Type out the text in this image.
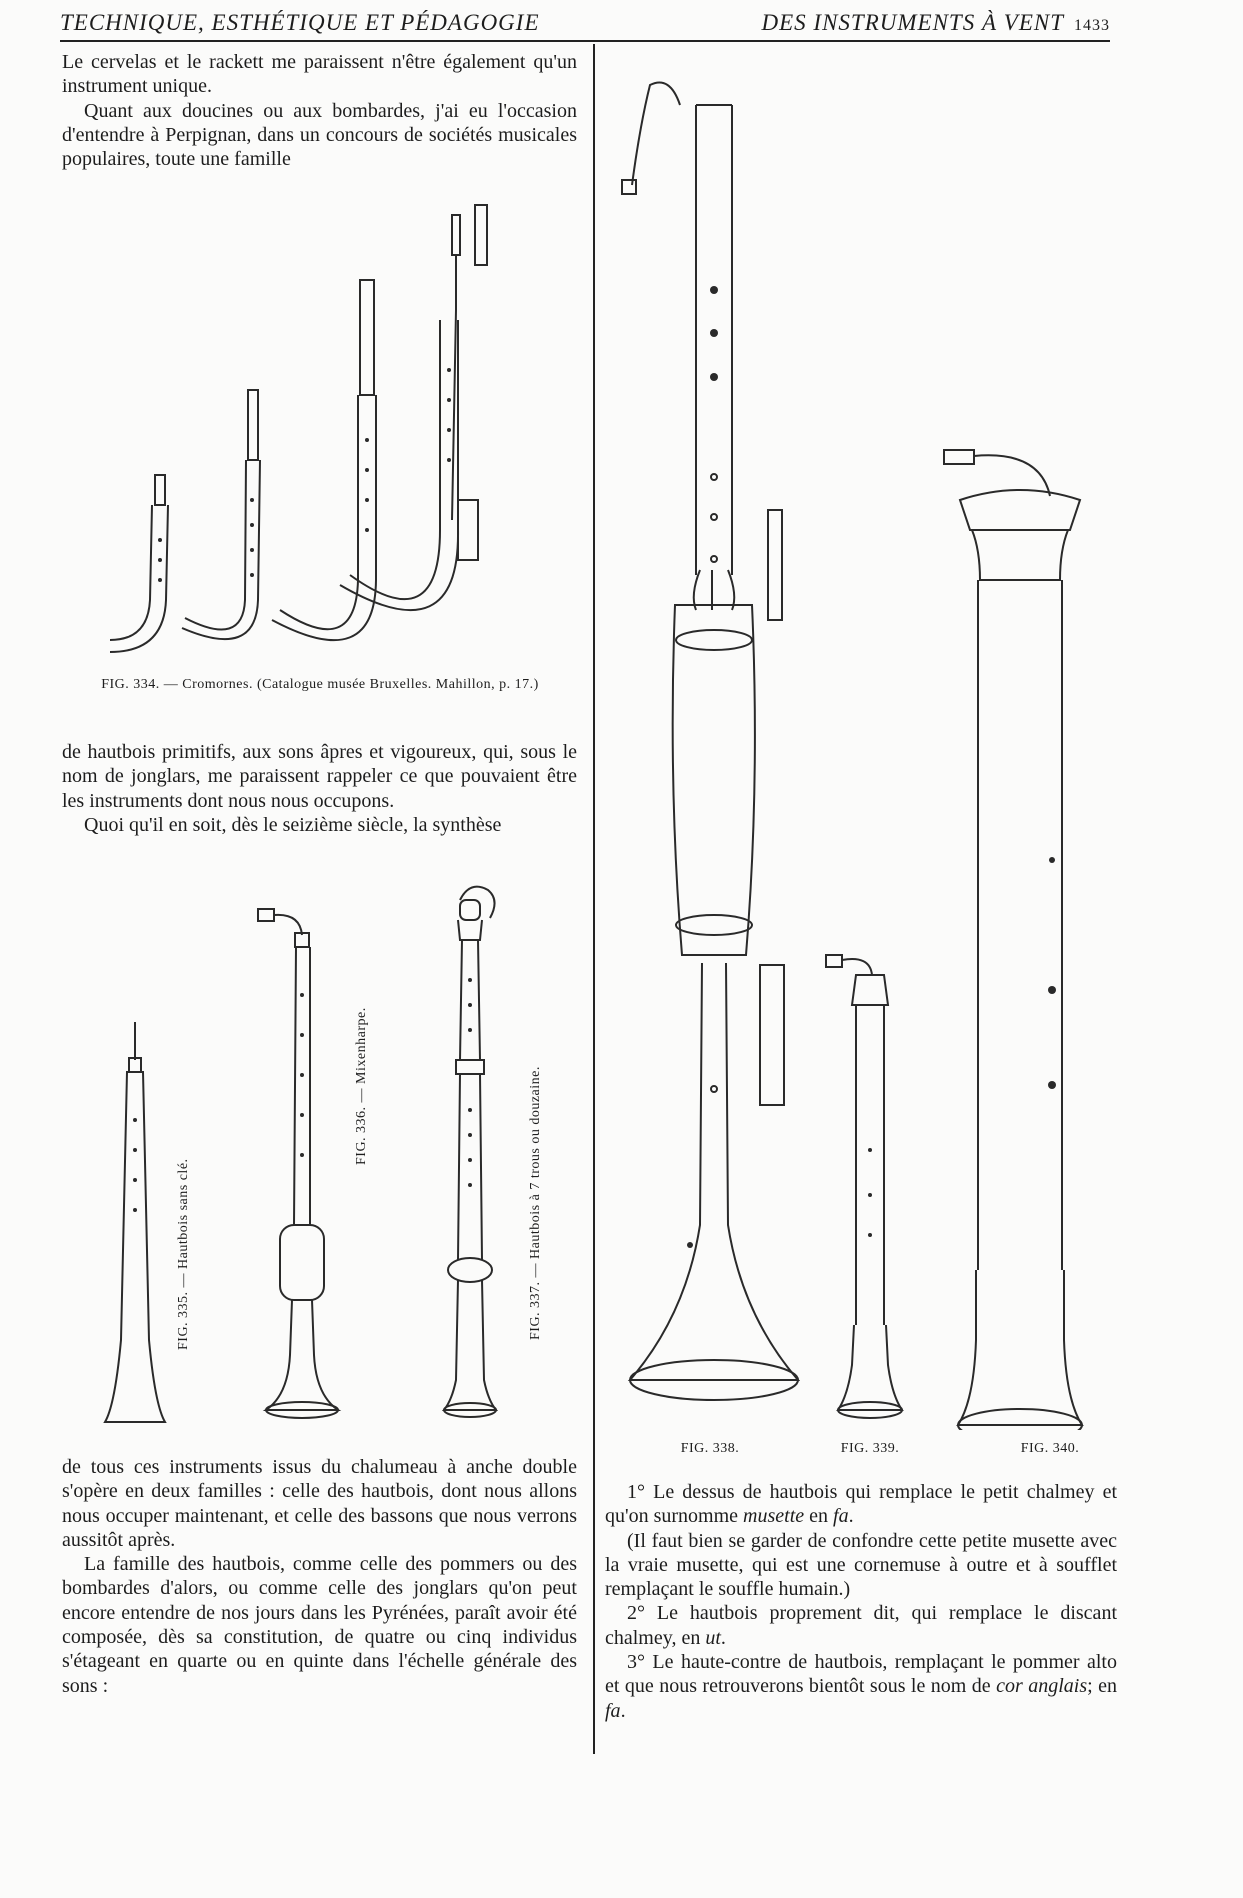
TECHNIQUE, ESTHÉTIQUE ET PÉDAGOGIE	DES INSTRUMENTS À VENT 1433

Le cervelas et le rackett me paraissent n'être également qu'un instrument unique.

Quant aux doucines ou aux bombardes, j'ai eu l'occasion d'entendre à Perpignan, dans un concours de sociétés musicales populaires, toute une famille

FIG. 334. — Cromornes. (Catalogue musée Bruxelles. Mahillon, p. 17.)

de hautbois primitifs, aux sons âpres et vigoureux, qui, sous le nom de jonglars, me paraissent rappeler ce que pouvaient être les instruments dont nous nous occupons.

Quoi qu'il en soit, dès le seizième siècle, la synthèse

FIG. 335. — Hautbois sans clé.
FIG. 336. — Mixenharpe.	FIG. 337. — Hautbois à 7 trous ou douzaine.

de tous ces instruments issus du chalumeau à anche double s'opère en deux familles : celle des hautbois, dont nous allons nous occuper maintenant, et celle des bassons que nous verrons aussitôt après.

La famille des hautbois, comme celle des pommers ou des bombardes d'alors, ou comme celle des jonglars qu'on peut encore entendre de nos jours dans les Pyrénées, paraît avoir été composée, dès sa constitution, de quatre ou cinq individus s'étageant en quarte ou en quinte dans l'échelle générale des sons :

FIG. 338.	FIG. 339.	FIG. 340.

1° Le dessus de hautbois qui remplace le petit chalmey et qu'on surnomme musette en fa.

(Il faut bien se garder de confondre cette petite musette avec la vraie musette, qui est une cornemuse à outre et à soufflet remplaçant le souffle humain.)

2° Le hautbois proprement dit, qui remplace le discant chalmey, en ut.

3° Le haute-contre de hautbois, remplaçant le pommer alto et que nous retrouverons bientôt sous le nom de cor anglais; en fa.
